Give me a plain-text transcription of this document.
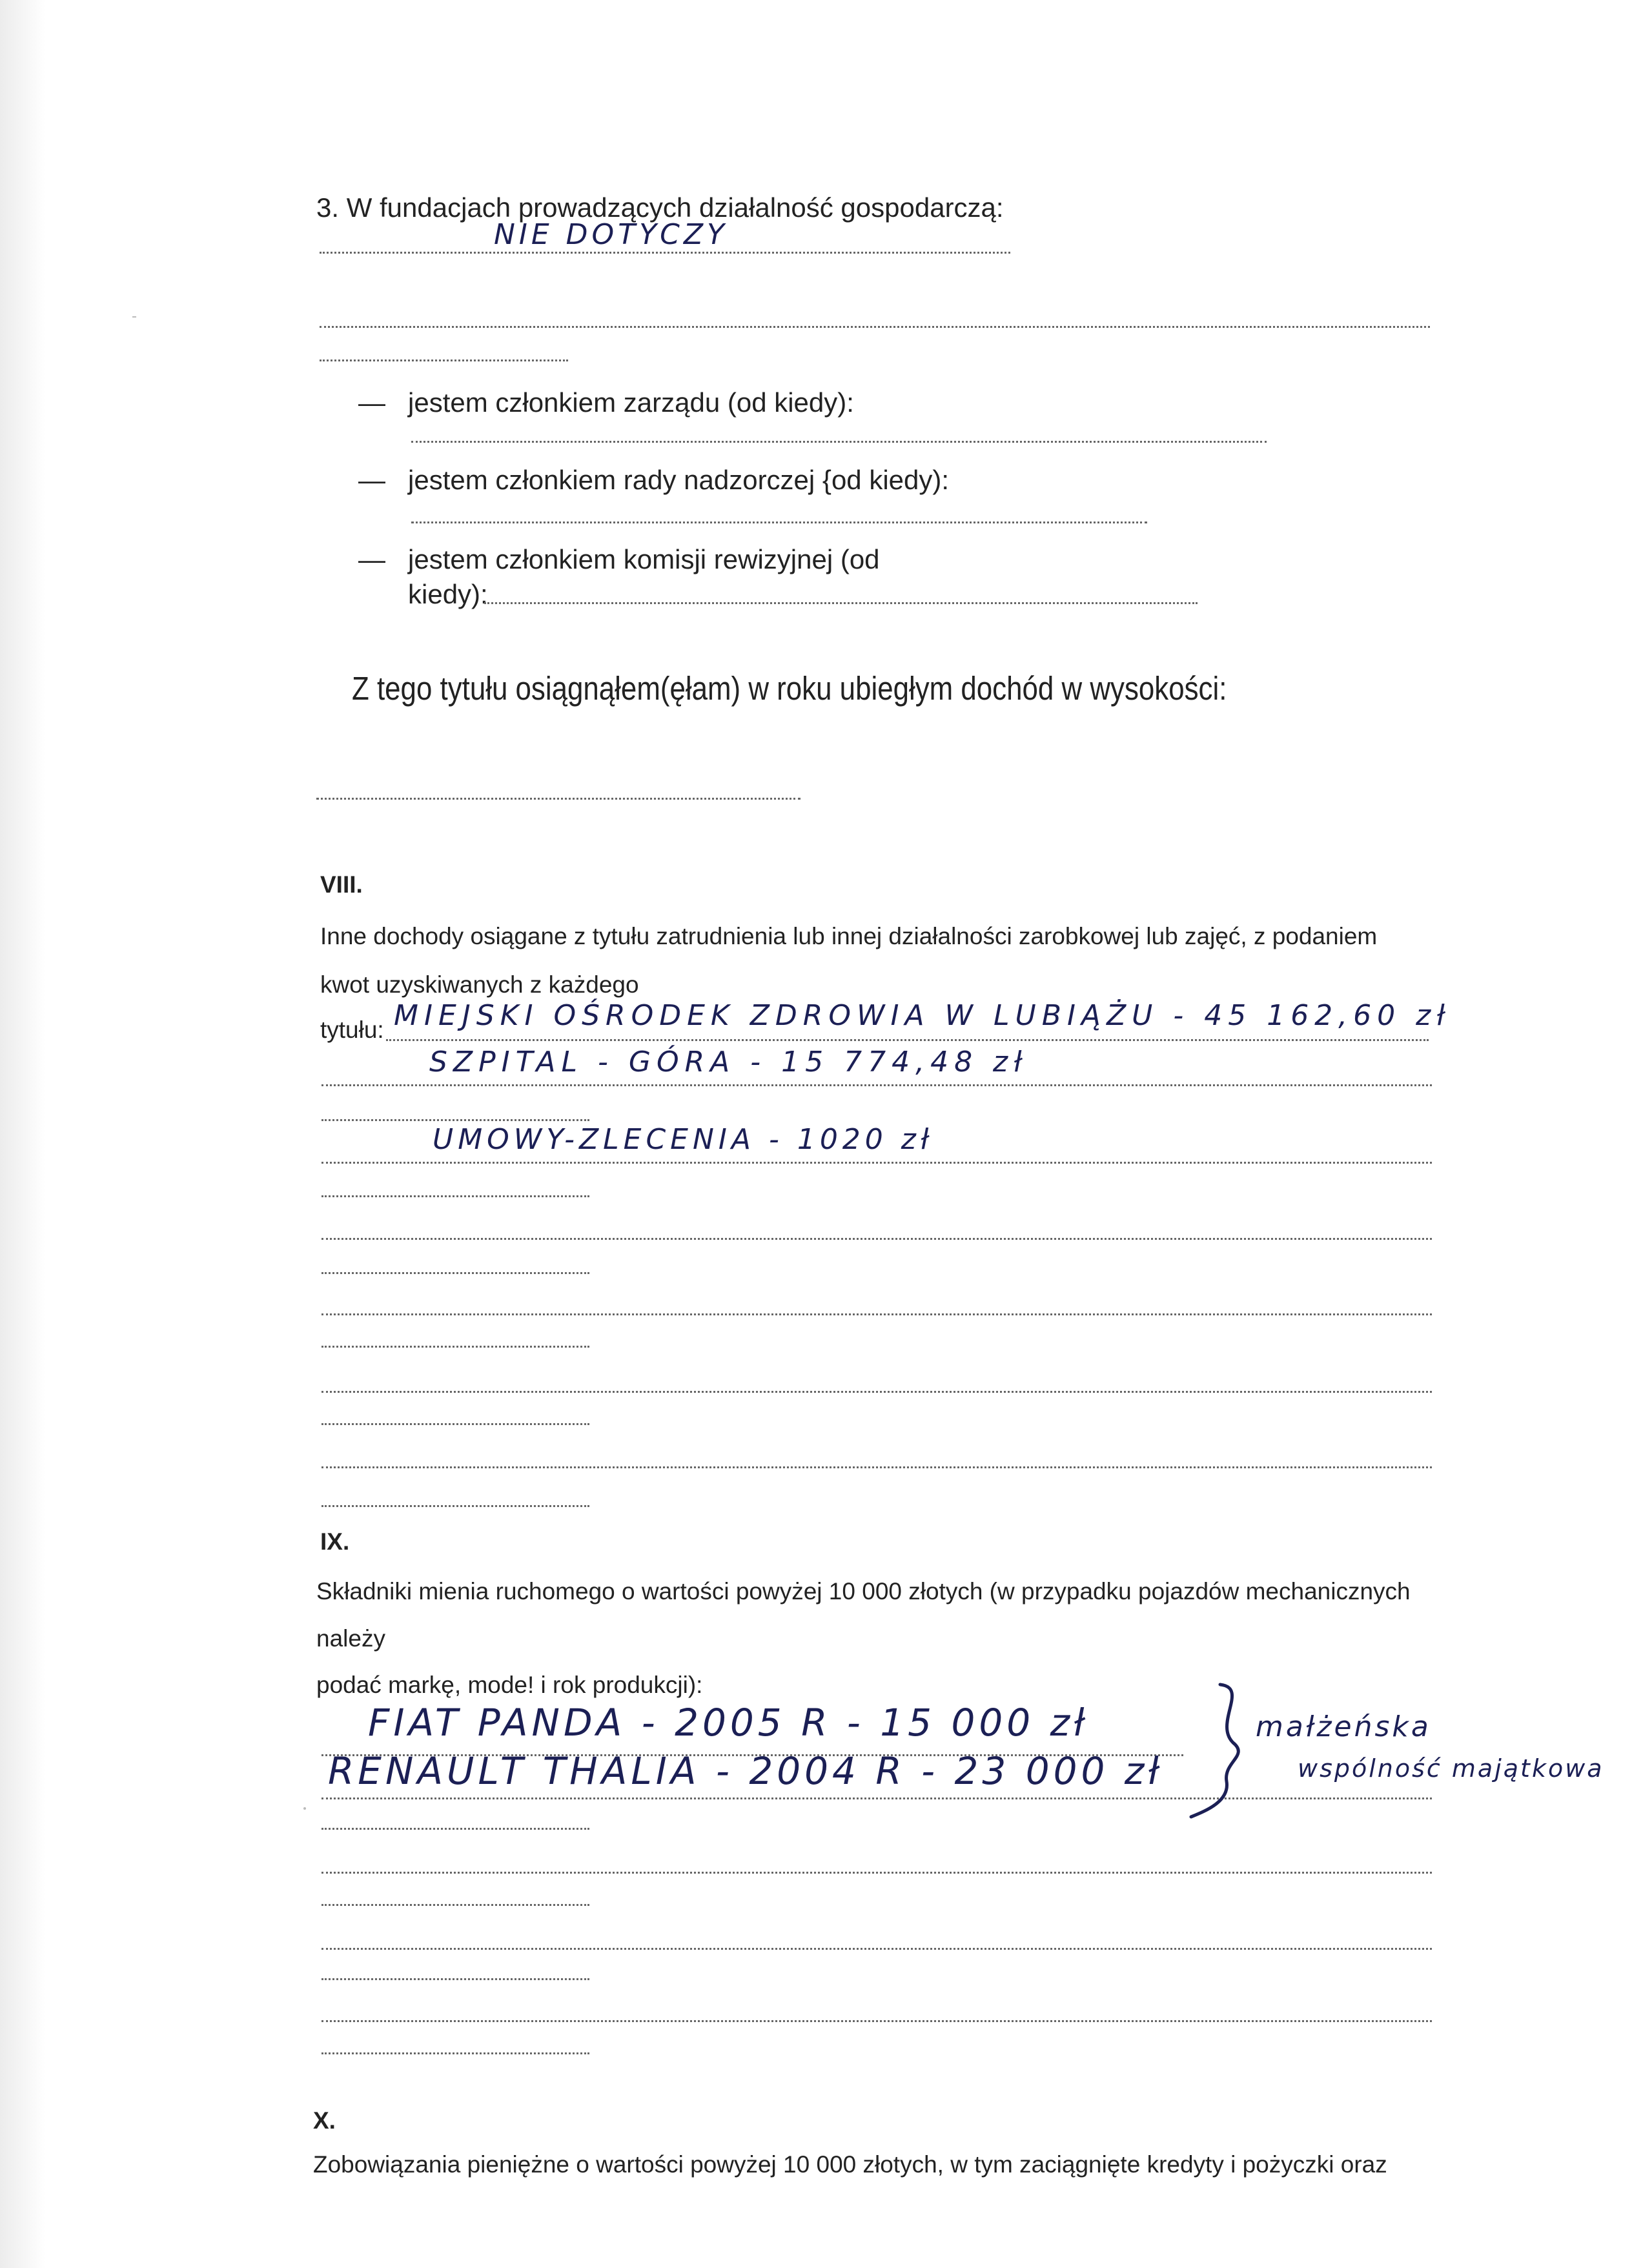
3. W fundacjach prowadzących działalność gospodarczą:
NIE DOTYCZY
— jestem członkiem zarządu (od kiedy):
— jestem członkiem rady nadzorczej {od kiedy):
— jestem członkiem komisji rewizyjnej (od
kiedy):
Z tego tytułu osiągnąłem(ęłam) w roku ubiegłym dochód w wysokości:
VIII.
Inne dochody osiągane z tytułu zatrudnienia lub innej działalności zarobkowej lub zajęć, z podaniem
kwot uzyskiwanych z każdego
tytułu: MIEJSKI OŚRODEK ZDROWIA W LUBIĄŻU - 45 162,60 zł
SZPITAL - GÓRA - 15 774,48 zł
UMOWY-ZLECENIA - 1020 zł
IX.
Składniki mienia ruchomego o wartości powyżej 10 000 złotych (w przypadku pojazdów mechanicznych
należy
podać markę, mode! i rok produkcji):
FIAT PANDA - 2005 R - 15 000 zł
RENAULT THALIA - 2004 R - 23 000 zł
małżeńska
wspólność majątkowa
X.
Zobowiązania pieniężne o wartości powyżej 10 000 złotych, w tym zaciągnięte kredyty i pożyczki oraz
